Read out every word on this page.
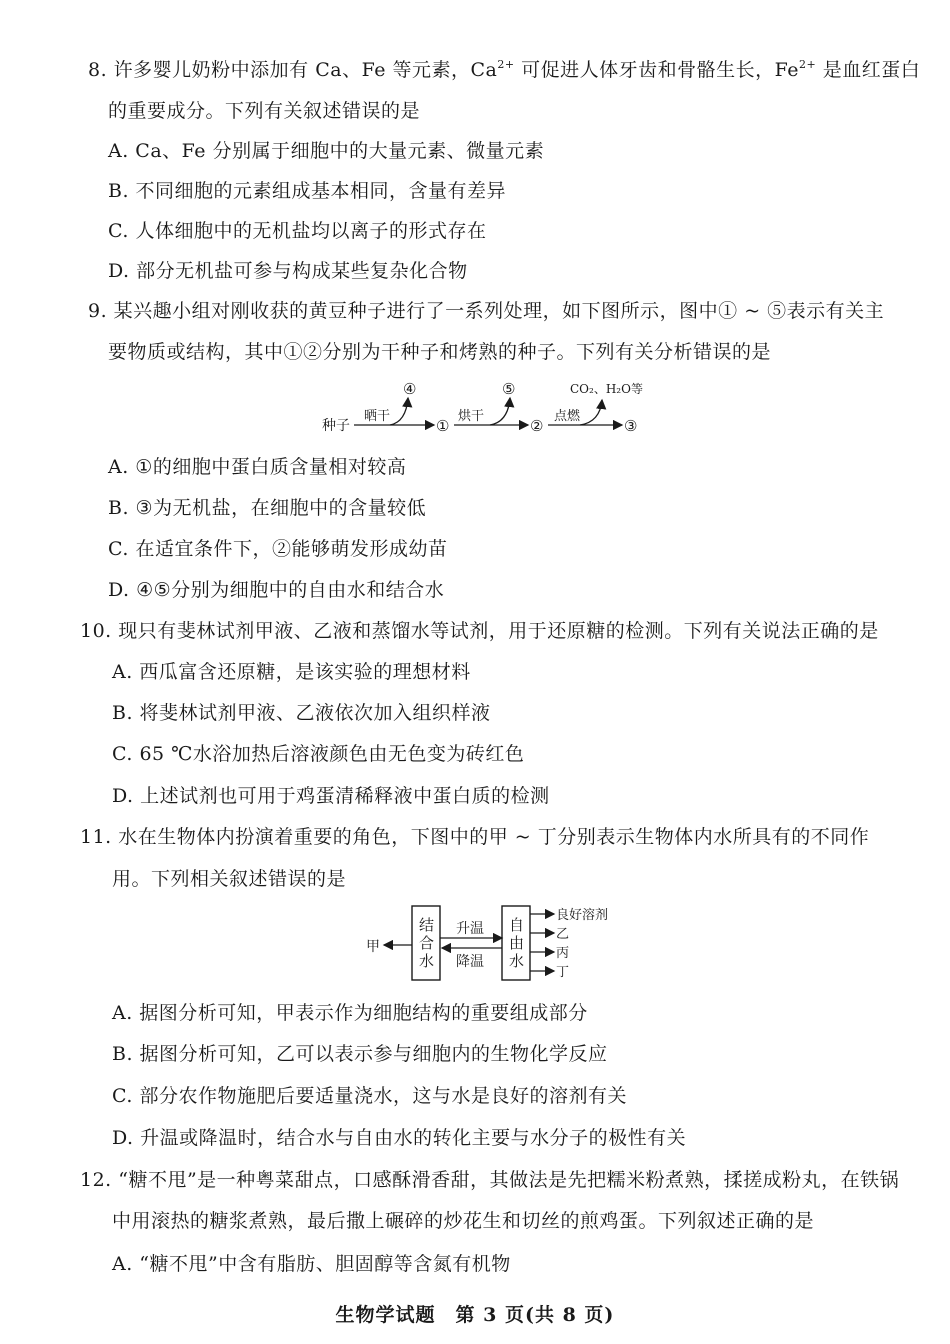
8. 许多婴儿奶粉中添加有 Ca、Fe 等元素，$Ca^{2+}$ 可促进人体牙齿和骨骼生长，$Fe^{2+}$ 是血红蛋白
的重要成分。下列有关叙述错误的是
A. Ca、Fe 分别属于细胞中的大量元素、微量元素
B. 不同细胞的元素组成基本相同，含量有差异
C. 人体细胞中的无机盐均以离子的形式存在
D. 部分无机盐可参与构成某些复杂化合物
9. 某兴趣小组对刚收获的黄豆种子进行了一系列处理，如下图所示，图中① ~ ⑤表示有关主
要物质或结构，其中①②分别为干种子和烤熟的种子。下列有关分析错误的是
种子
晒干
④
①
烘干
⑤
②
点燃
CO₂、H₂O等
③
A. ①的细胞中蛋白质含量相对较高
B. ③为无机盐，在细胞中的含量较低
C. 在适宜条件下，②能够萌发形成幼苗
D. ④⑤分别为细胞中的自由水和结合水
10. 现只有斐林试剂甲液、乙液和蒸馏水等试剂，用于还原糖的检测。下列有关说法正确的是
A. 西瓜富含还原糖，是该实验的理想材料
B. 将斐林试剂甲液、乙液依次加入组织样液
C. 65 ℃水浴加热后溶液颜色由无色变为砖红色
D. 上述试剂也可用于鸡蛋清稀释液中蛋白质的检测
11. 水在生物体内扮演着重要的角色，下图中的甲 ~ 丁分别表示生物体内水所具有的不同作
用。下列相关叙述错误的是
甲
结
合
水
升温
降温
自
由
水
良好溶剂
乙
丙
丁
A. 据图分析可知，甲表示作为细胞结构的重要组成部分
B. 据图分析可知，乙可以表示参与细胞内的生物化学反应
C. 部分农作物施肥后要适量浇水，这与水是良好的溶剂有关
D. 升温或降温时，结合水与自由水的转化主要与水分子的极性有关
12. “糖不甩”是一种粤菜甜点，口感酥滑香甜，其做法是先把糯米粉煮熟，揉搓成粉丸，在铁锅
中用滚热的糖浆煮熟，最后撒上碾碎的炒花生和切丝的煎鸡蛋。下列叙述正确的是
A. “糖不甩”中含有脂肪、胆固醇等含氮有机物
生物学试题　第 3 页(共 8 页)
